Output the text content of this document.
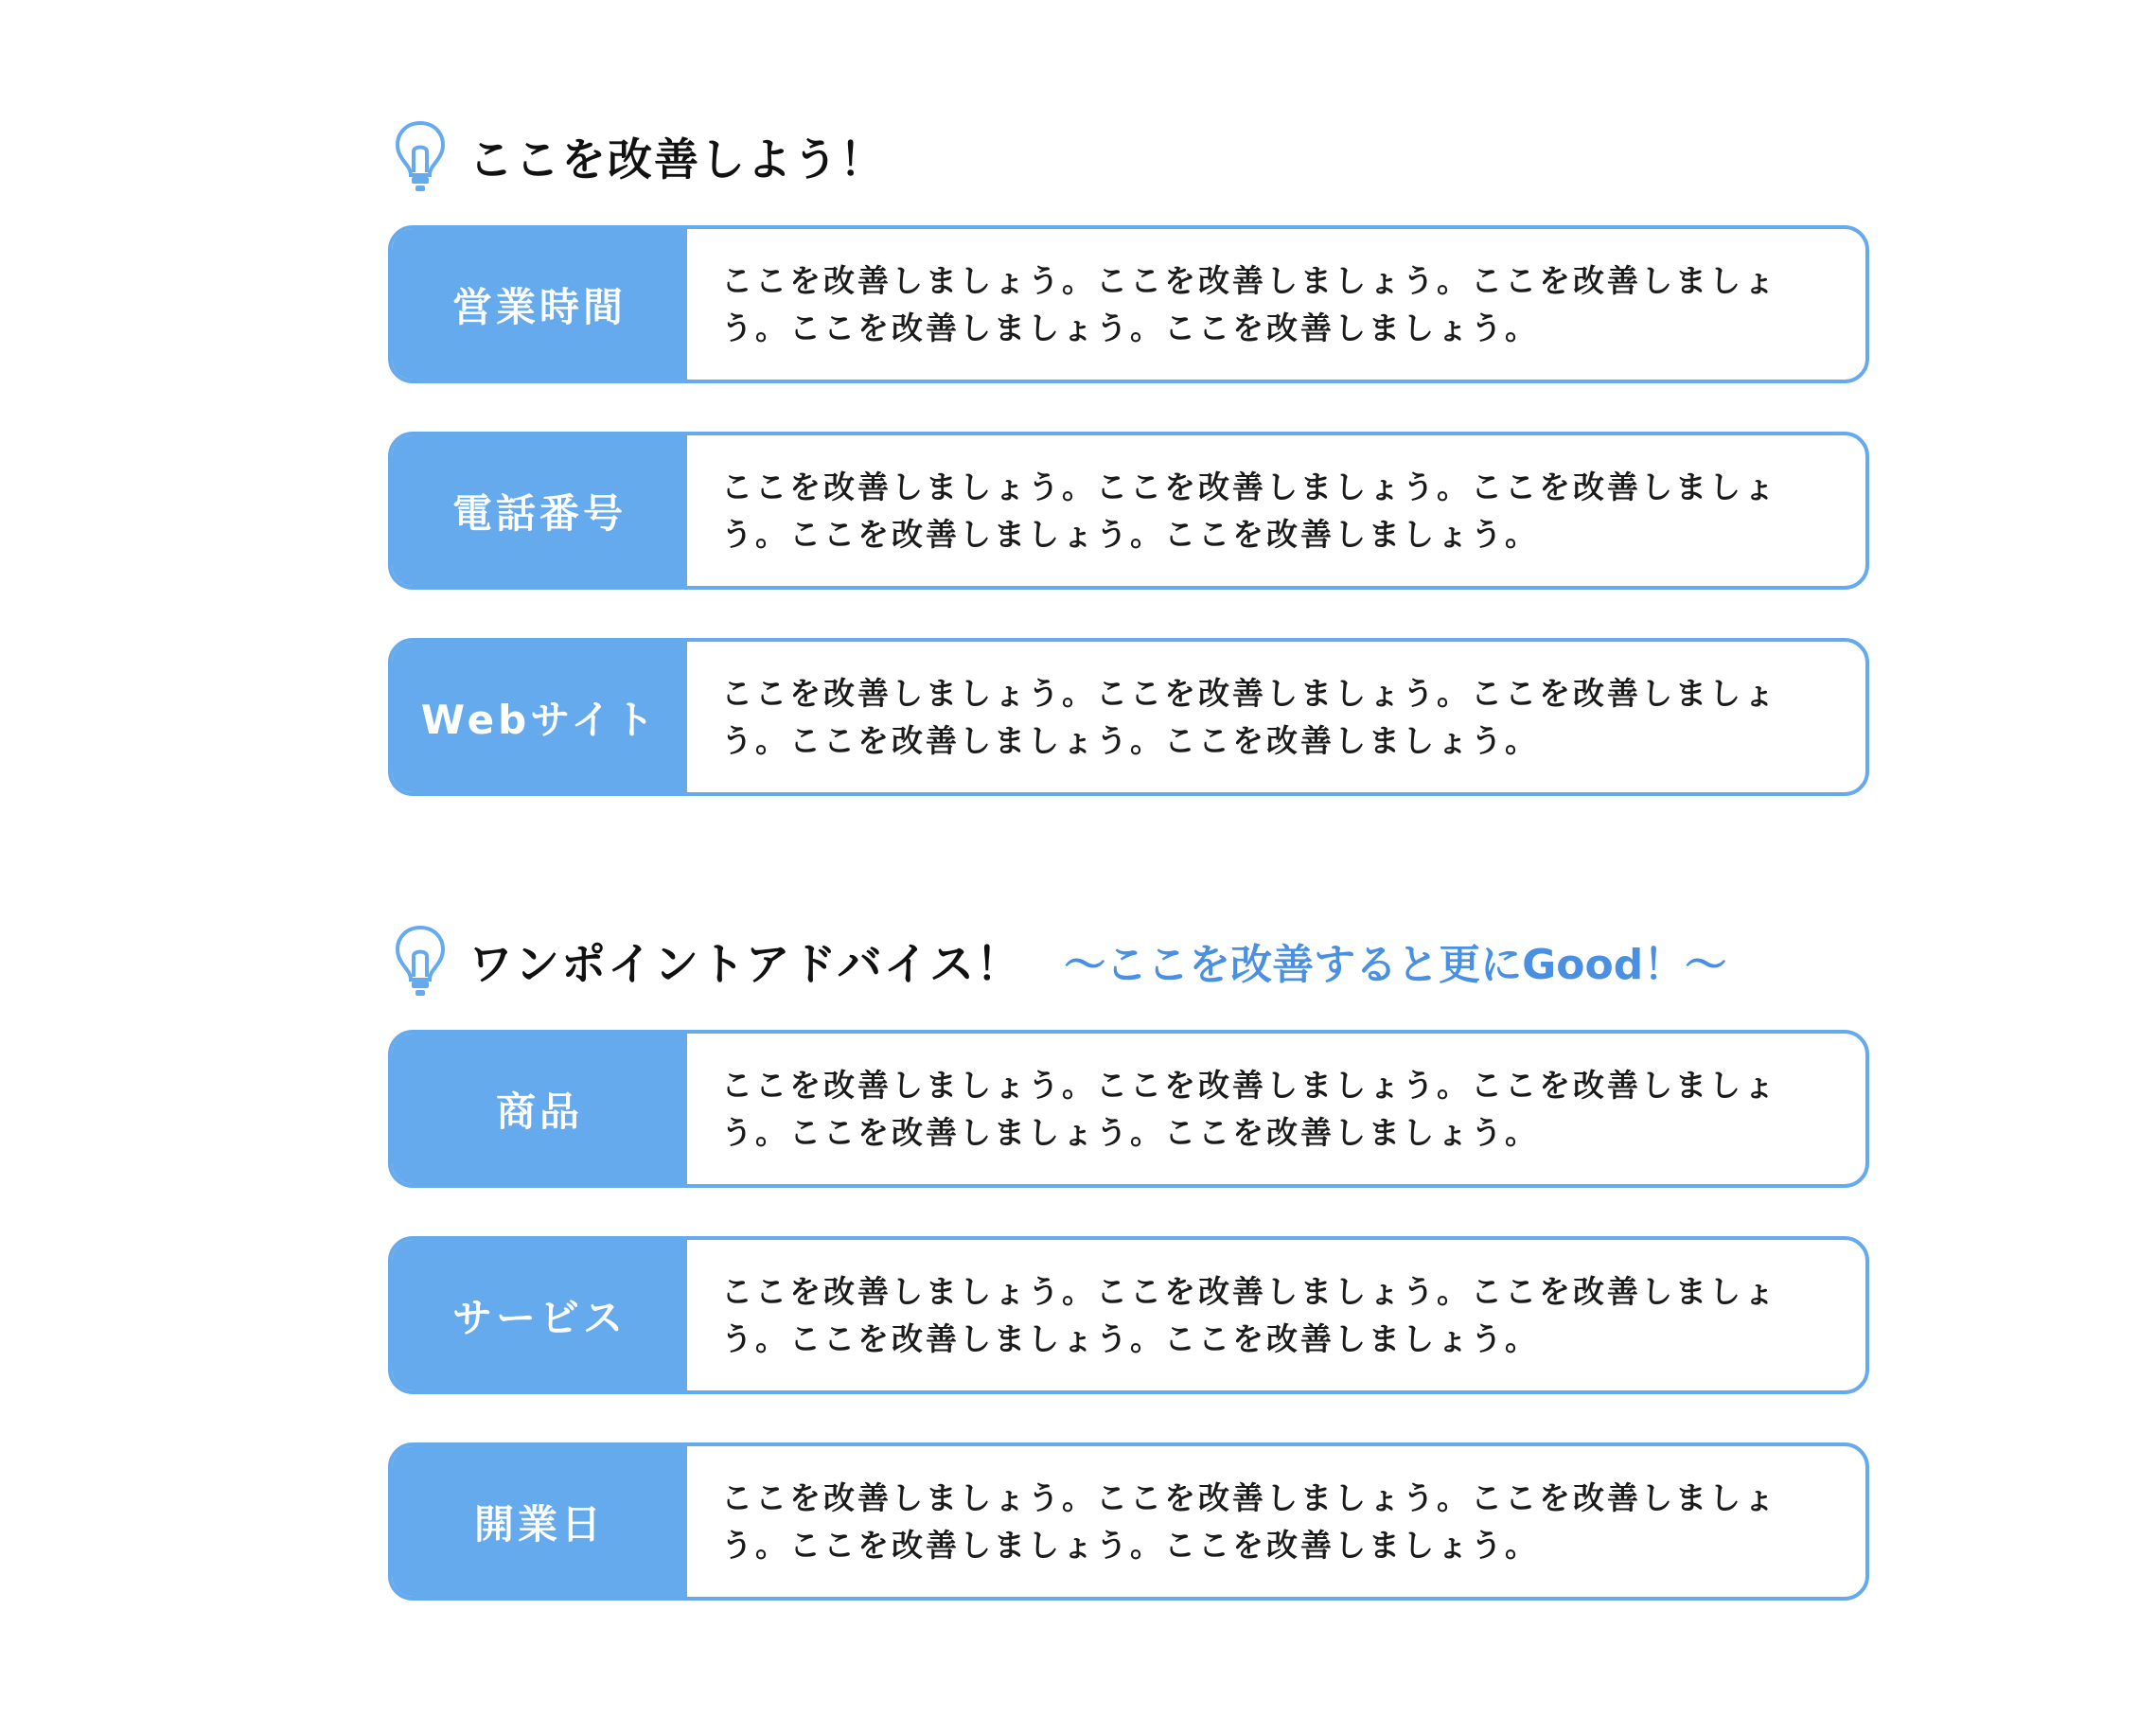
ここを改善しよう！
営業時間

ここを改善しましょう。ここを改善しましょう。ここを改善しましょう。ここを改善しましょう。ここを改善しましょう。

電話番号

ここを改善しましょう。ここを改善しましょう。ここを改善しましょう。ここを改善しましょう。ここを改善しましょう。

Webサイト

ここを改善しましょう。ここを改善しましょう。ここを改善しましょう。ここを改善しましょう。ここを改善しましょう。

ワンポイントアドバイス！ 〜ここを改善すると更にGood！〜
商品

ここを改善しましょう。ここを改善しましょう。ここを改善しましょう。ここを改善しましょう。ここを改善しましょう。

サービス

ここを改善しましょう。ここを改善しましょう。ここを改善しましょう。ここを改善しましょう。ここを改善しましょう。

開業日

ここを改善しましょう。ここを改善しましょう。ここを改善しましょう。ここを改善しましょう。ここを改善しましょう。
